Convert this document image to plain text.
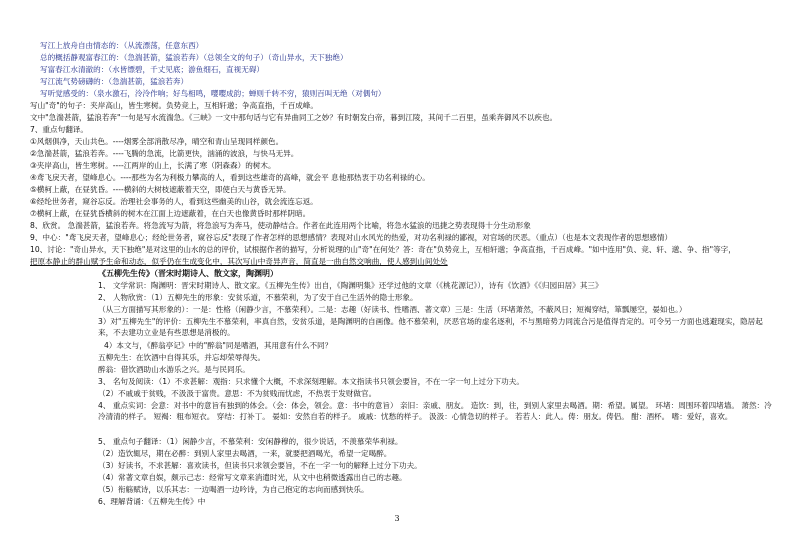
写江上放舟自由情态的：（从流漂荡，任意东西）
总的概括静观富春江的：（急湍甚箭，猛浪若奔）（总领全文的句子）（奇山异水，天下独绝）
写富春江水清澈的：（水皆缥碧，千丈见底；游鱼细石，直视无碍）
写江流气势磅礴的：（急湍甚箭，猛浪若奔）
写听觉感受的：（泉水激石，泠泠作响；好鸟相鸣，嘤嘤成韵；蝉则千转不穷，猿则百叫无绝（对偶句）
写山"奇"的句子：夹岸高山，皆生寒树。负势竞上，互相轩邈；争高直指，千百成峰。
文中"急湍甚箭，猛浪若奔"一句是写水流湍急。《三峡》一文中那句话与它有异曲同工之妙？有时朝发白帝，暮到江陵，其间千二百里，虽乘奔御风不以疾也。
7、重点句翻译。
①风烟俱净，天山共色。----烟雾全部消散尽净，晴空和青山呈现同样颜色。
②急湍甚箭，猛浪若奔。----飞腾的急流，比箭更快，汹涌的波浪，与快马无异。
③夹岸高山，皆生寒树。----江两岸的山上，长满了寒（阴森森）的树木。
④鸢飞戾天者，望峰息心。----那些为名为利极力攀高的人，看到这些雄奇的高峰，就会平 息他那热衷于功名利禄的心。
⑤横柯上蔽，在昼犹昏。----横斜的大树枝遮蔽着天空，即使白天与黄昏无异。
⑥经纶世务者，窥谷忘反。治理社会事务的人，看到这些幽美的山谷，就会流连忘返。
⑦横柯上蔽，在昼犹昏横斜的树木在江面上边遮蔽着，在白天也像黄昏时那样阴暗。
8、欣赏。 急湍甚箭，猛浪若奔。将急流写为箭，将急浪写为奔马，使动静结合。作者在此连用两个比喻，将急水猛浪的迅捷之势表现得十分生动形象
9、中心："鸢飞戾天者，望峰息心；经纶世务者，窥谷忘反"表现了作者怎样的思想感情？表现对山水风光的热爱，对功名利禄的鄙视，对官场的厌恶。（重点）（也是本文表现作者的思想感情）
10、讨论："奇山异水，天下独绝"是对这里的山水的总的评价，试根据作者的描写，分析说理的山"奇"在何处？答：奇在"负势竞上，互相轩邈；争高直指，千百成峰。"如中连用"负、竞、轩、邈、争、指"等字，
把原本静止的群山赋予生命和动态，似乎仍在生成变化中，其次写山中奇异声音，简直是一曲自然交响曲，使人感到山间处处
《五柳先生传》（晋宋时期诗人、散文家，陶渊明）
1、 文学常识：陶渊明：晋宋时期诗人、散文家。《五柳先生传》出自，《陶渊明集》还学过他的文章（《桃花源记》），诗有《饮酒》《《归园田居》其三》
2、 人物欣赏：（1）五柳先生的形象：安贫乐道，不慕荣利，为了安于自己生活外的隐士形象。
（从三方面描写其形象的）：一是：性格（闲静少言，不慕荣利）。二是：志趣（好读书、性嗜酒、著文章）三是：生活（环堵萧然，不蔽风日；短褐穿结，箪瓢屡空，晏如也。）
3）对"五柳先生"的评价：五柳先生不慕荣利，率真自然，安贫乐道，是陶渊明的自画像。他不慕荣利，厌恶官场的虚名逐利，不与黑暗势力同流合污是值得肯定的。可令另一方面也逃避现实，隐居起来，不去建功立业是有些思想是消极的。
4）本文与，《醉翁亭记》中的"醉翁"同是嗜酒，其用意有什么不同？
五柳先生：在饮酒中自得其乐，并忘却荣辱得失。
醉翁：借饮酒助山水游乐之兴。是与民同乐。
3、 名句及阅读：（1）不求甚解：观指：只求懂个大概，不求深刻理解。本文指读书只领会要旨，不在一字一句上过分下功夫。
（2）不戚戚于贫贱，不汲汲于富贵。意思：不为贫贱而忧虑，不热衷于发财做官。
4、 重点实词：会意：对书中的意旨有独到的体会。（会：体会，领会。意：书中的意旨） 亲旧：亲戚、朋友。 造饮：到，往，到别人家里去喝酒。期：希望。属望。 环堵：周围环着四堵墙。 萧然：冷冷清清的样子。 短褐：粗布短衣。 穿结：打补丁。 晏如：安然自若的样子。 戚戚：忧愁的样子。 汲汲：心情急切的样子。 若若人：此人。俦：朋友。俦侣。 酣：酒杯。 嗜：爱好，喜欢。
5、 重点句子翻译：（1）闲静少言，不慕荣利：安闲静穆的，很少说话，不羡慕荣华利禄。
（2）造饮辄尽，期在必醉：到别人家里去喝酒，一来，就要把酒喝光，希望一定喝醉。
（3）好读书，不求甚解：喜欢读书，但读书只求领会要旨，不在一字一句的解释上过分下功夫。
（4）常著文章自娱，颇示己志：经常写文章来消遣时光，从文中也稍微透露出自己的志趣。
（5）衔觞赋诗，以乐其志：一边喝酒一边吟诗，为自己抱定的志向而感到快乐。
6、理解背诵：《五柳先生传》中
3
